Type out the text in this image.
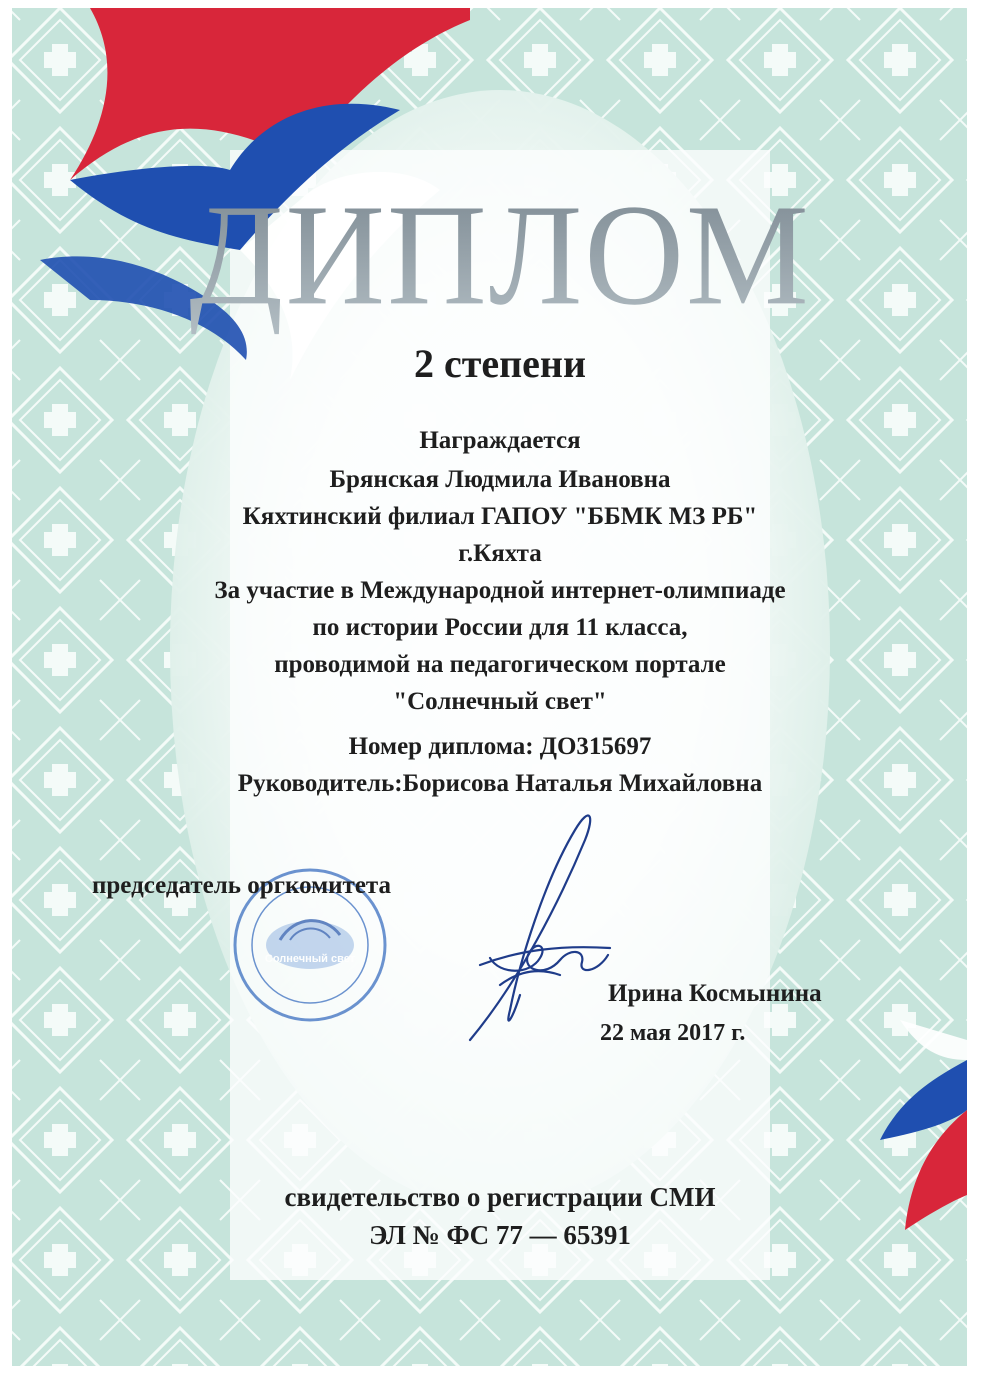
Солнечный свет
ДИПЛОМ
2 степени
Награждается
Брянская Людмила Ивановна
Кяхтинский филиал ГАПОУ "ББМК МЗ РБ"
г.Кяхта
За участие в Международной интернет-олимпиаде
по истории России для 11 класса,
проводимой на педагогическом портале
"Солнечный свет"
Номер диплома: ДО315697
Руководитель:Борисова Наталья Михайловна
председатель оргкомитета
Ирина Космынина
22 мая 2017 г.
свидетельство о регистрации СМИ
ЭЛ № ФС 77 — 65391
